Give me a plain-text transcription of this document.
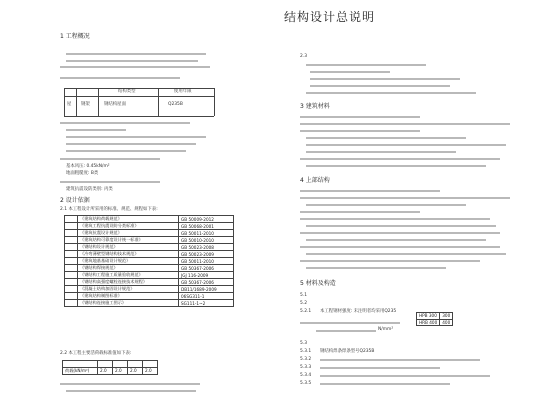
结构设计总说明
1 工程概况
结构类型	使用年限
屋 钢架	钢结构屋面	Q235B
基本风压: 0.45kN/m²
地面粗糙度: B类
建筑抗震设防类别: 丙类
2 设计依据
2.1 本工程设计所采用的标准、规范、规程如下表:
	《建筑结构荷载规范》	GB 50009-2012
	《建筑工程抗震设防分类标准》	GB 50068-2001
	《建筑抗震设计规范》	GB 50011-2010
	《建筑结构可靠度设计统一标准》	GB 50010-2010
	《钢结构设计规范》	GB 50023-2008
	《冷弯薄壁型钢结构技术规范》	GB 50023-2009
	《建筑地基基础设计规范》	GB 50011-2010
	《钢结构焊接规范》	GB 50367-2006
	《钢结构工程施工质量验收规范》	JGJ 116-2009
	《钢结构高强度螺栓连接技术规程》	GB 50367-2006
	《混凝土结构加固设计规范》	DB11/1689-2009
	《建筑结构制图标准》	06SG311-1
	《钢结构连接施工图示》	SG111-1~2
2.2 本工程主要活荷载标准值如下表:

荷载(kN/m²)	2.0	2.0	2.0	2.0
2.3
3 建筑材料
4 上部结构
5 材料及构造
5.1
5.2
5.2.1 本工程钢材强度: 未注明者均采用Q235
HPB 300	300
HRB 400	400
N/mm²
5.3
5.3.1 钢结构焊条焊条型号Q235B
5.3.2
5.3.3
5.3.4
5.3.5
